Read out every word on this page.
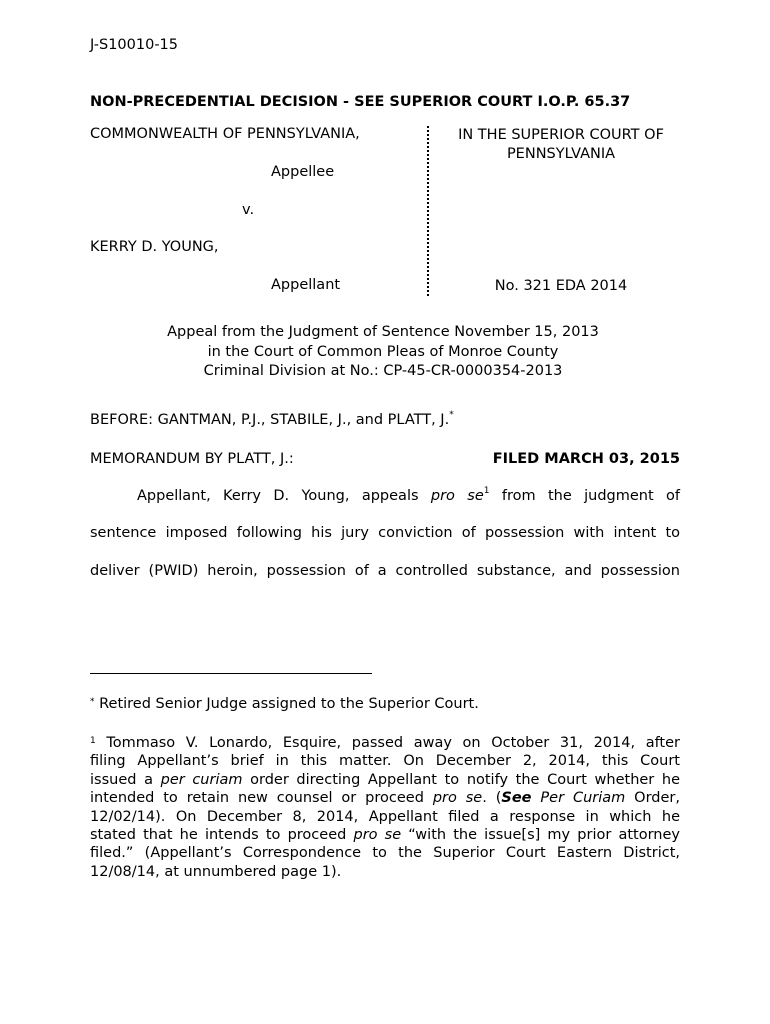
J-S10010-15
NON-PRECEDENTIAL DECISION - SEE SUPERIOR COURT I.O.P. 65.37
COMMONWEALTH OF PENNSYLVANIA,
Appellee
v.
KERRY D. YOUNG,
Appellant
IN THE SUPERIOR COURT OF
PENNSYLVANIA
No. 321 EDA 2014
Appeal from the Judgment of Sentence November 15, 2013
in the Court of Common Pleas of Monroe County
Criminal Division at No.: CP-45-CR-0000354-2013
BEFORE: GANTMAN, P.J., STABILE, J., and PLATT, J.*
MEMORANDUM BY PLATT, J.:	FILED MARCH 03, 2015
Appellant, Kerry D. Young, appeals pro $se^1$ from the judgment of
sentence imposed following his jury conviction of possession with intent to
deliver (PWID) heroin, possession of a controlled substance, and possession
* Retired Senior Judge assigned to the Superior Court.
$^1$ Tommaso V. Lonardo, Esquire, passed away on October 31, 2014, after
filing Appellant’s brief in this matter. On December 2, 2014, this Court
issued a per curiam order directing Appellant to notify the Court whether he
intended to retain new counsel or proceed pro se. (See Per Curiam Order,
12/02/14). On December 8, 2014, Appellant filed a response in which he
stated that he intends to proceed pro se “with the issue[s] my prior attorney
filed.” (Appellant’s Correspondence to the Superior Court Eastern District,
12/08/14, at unnumbered page 1).
